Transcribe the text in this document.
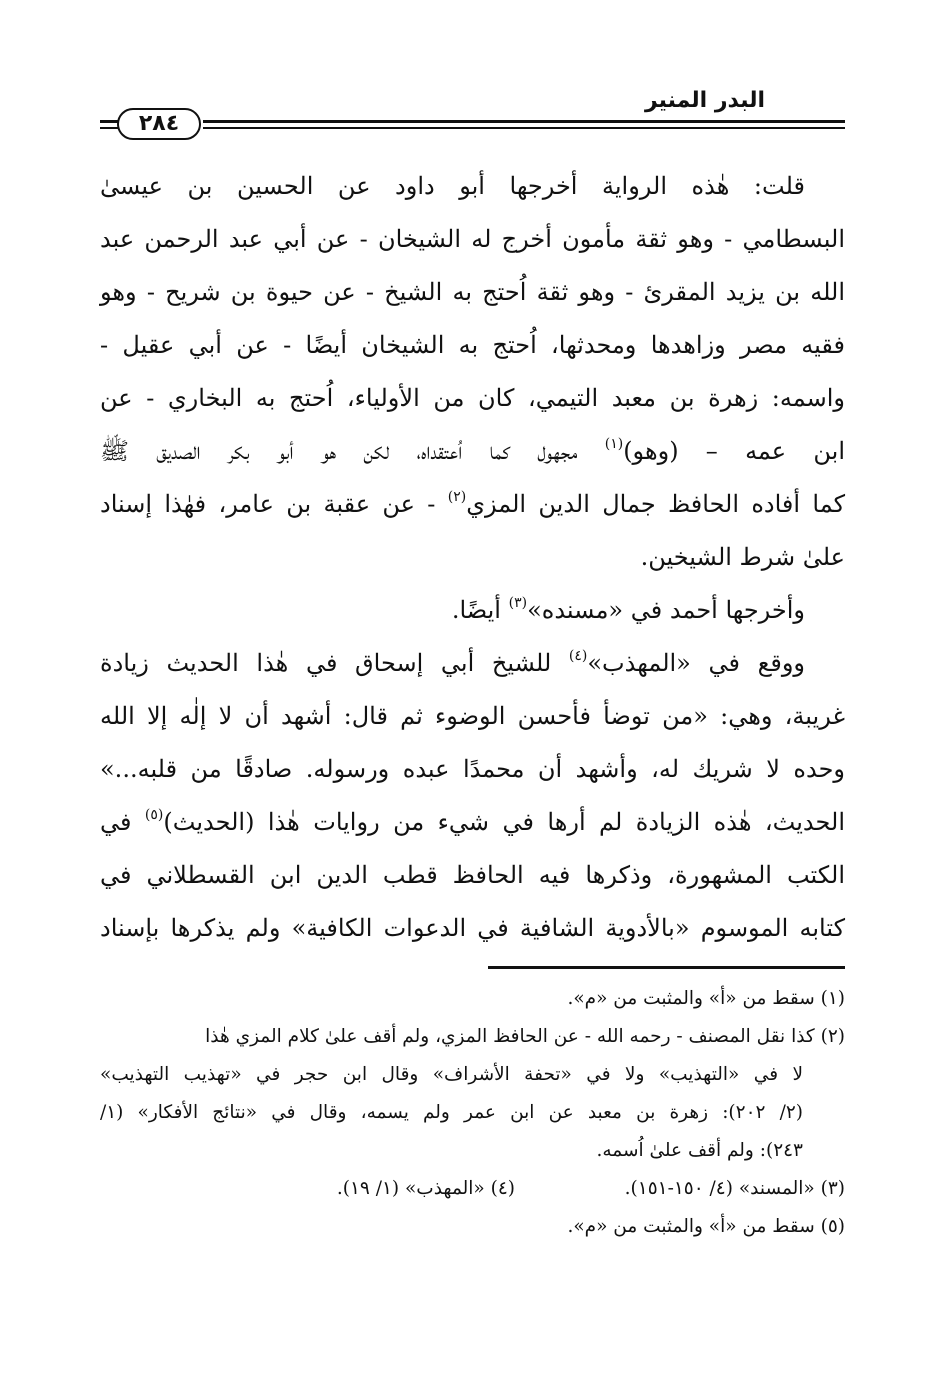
البدر المنير
٢٨٤
قلت: هٰذه الرواية أخرجها أبو داود عن الحسين بن عيسىٰ
البسطامي - وهو ثقة مأمون أخرج له الشيخان - عن أبي عبد الرحمن عبد
الله بن يزيد المقرئ - وهو ثقة اُحتج به الشيخ - عن حيوة بن شريح - وهو
فقيه مصر وزاهدها ومحدثها، اُحتج به الشيخان أيضًا - عن أبي عقيل -
واسمه: زهرة بن معبد التيمي، كان من الأولياء، اُحتج به البخاري - عن
ابن عمه – (وهو)$^{(١)}$ مجهول كما اُعتقداه، لكن هو أبو بكر الصديق ﷺ
كما أفاده الحافظ جمال الدين المزي$^{(٢)}$ - عن عقبة بن عامر، فهٰذا إسناد
علىٰ شرط الشيخين.
وأخرجها أحمد في «مسنده»$^{(٣)}$ أيضًا.
ووقع في «المهذب»$^{(٤)}$ للشيخ أبي إسحاق في هٰذا الحديث زيادة
غريبة، وهي: «من توضأ فأحسن الوضوء ثم قال: أشهد أن لا إلٰه إلا الله
وحده لا شريك له، وأشهد أن محمدًا عبده ورسوله. صادقًا من قلبه...»
الحديث، هٰذه الزيادة لم أرها في شيء من روايات هٰذا (الحديث)$^{(٥)}$ في
الكتب المشهورة، وذكرها فيه الحافظ قطب الدين ابن القسطلاني في
كتابه الموسوم «بالأدوية الشافية في الدعوات الكافية» ولم يذكرها بإسناد
(١) سقط من «أ» والمثبت من «م».
(٢) كذا نقل المصنف - رحمه الله - عن الحافظ المزي، ولم أقف علىٰ كلام المزي هٰذا
لا في «التهذيب» ولا في «تحفة الأشراف» وقال ابن حجر في «تهذيب التهذيب»
(٢/ ٢٠٢): زهرة بن معبد عن ابن عمر ولم يسمه، وقال في «نتائج الأفكار» (١/
٢٤٣): ولم أقف علىٰ اُسمه.
(٣) «المسند» (٤/ ١٥٠-١٥١).
(٤) «المهذب» (١/ ١٩).
(٥) سقط من «أ» والمثبت من «م».
